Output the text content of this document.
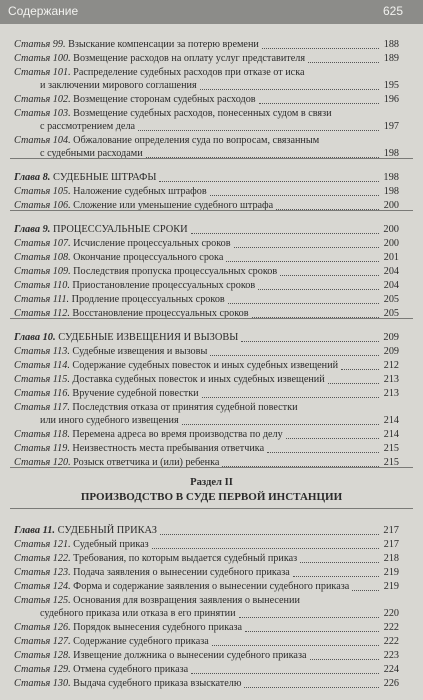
Содержание	625
Статья 99. Взыскание компенсации за потерю времени	188
Статья 100. Возмещение расходов на оплату услуг представителя	189
Статья 101. Распределение судебных расходов при отказе от иска
и заключении мирового соглашения	195
Статья 102. Возмещение сторонам судебных расходов	196
Статья 103. Возмещение судебных расходов, понесенных судом в связи
с рассмотрением дела	197
Статья 104. Обжалование определения суда по вопросам, связанным
с судебными расходами	198
Глава 8. СУДЕБНЫЕ ШТРАФЫ	198
Статья 105. Наложение судебных штрафов	198
Статья 106. Сложение или уменьшение судебного штрафа	200
Глава 9. ПРОЦЕССУАЛЬНЫЕ СРОКИ	200
Статья 107. Исчисление процессуальных сроков	200
Статья 108. Окончание процессуального срока	201
Статья 109. Последствия пропуска процессуальных сроков	204
Статья 110. Приостановление процессуальных сроков	204
Статья 111. Продление процессуальных сроков	205
Статья 112. Восстановление процессуальных сроков	205
Глава 10. СУДЕБНЫЕ ИЗВЕЩЕНИЯ И ВЫЗОВЫ	209
Статья 113. Судебные извещения и вызовы	209
Статья 114. Содержание судебных повесток и иных судебных извещений	212
Статья 115. Доставка судебных повесток и иных судебных извещений	213
Статья 116. Вручение судебной повестки	213
Статья 117. Последствия отказа от принятия судебной повестки
или иного судебного извещения	214
Статья 118. Перемена адреса во время производства по делу	214
Статья 119. Неизвестность места пребывания ответчика	215
Статья 120. Розыск ответчика и (или) ребенка	215
Глава 11. СУДЕБНЫЙ ПРИКАЗ	217
Статья 121. Судебный приказ	217
Статья 122. Требования, по которым выдается судебный приказ	218
Статья 123. Подача заявления о вынесении судебного приказа	219
Статья 124. Форма и содержание заявления о вынесении судебного приказа	219
Статья 125. Основания для возвращения заявления о вынесении
судебного приказа или отказа в его принятии	220
Статья 126. Порядок вынесения судебного приказа	222
Статья 127. Содержание судебного приказа	222
Статья 128. Извещение должника о вынесении судебного приказа	223
Статья 129. Отмена судебного приказа	224
Статья 130. Выдача судебного приказа взыскателю	226
Раздел II
ПРОИЗВОДСТВО В СУДЕ ПЕРВОЙ ИНСТАНЦИИ
